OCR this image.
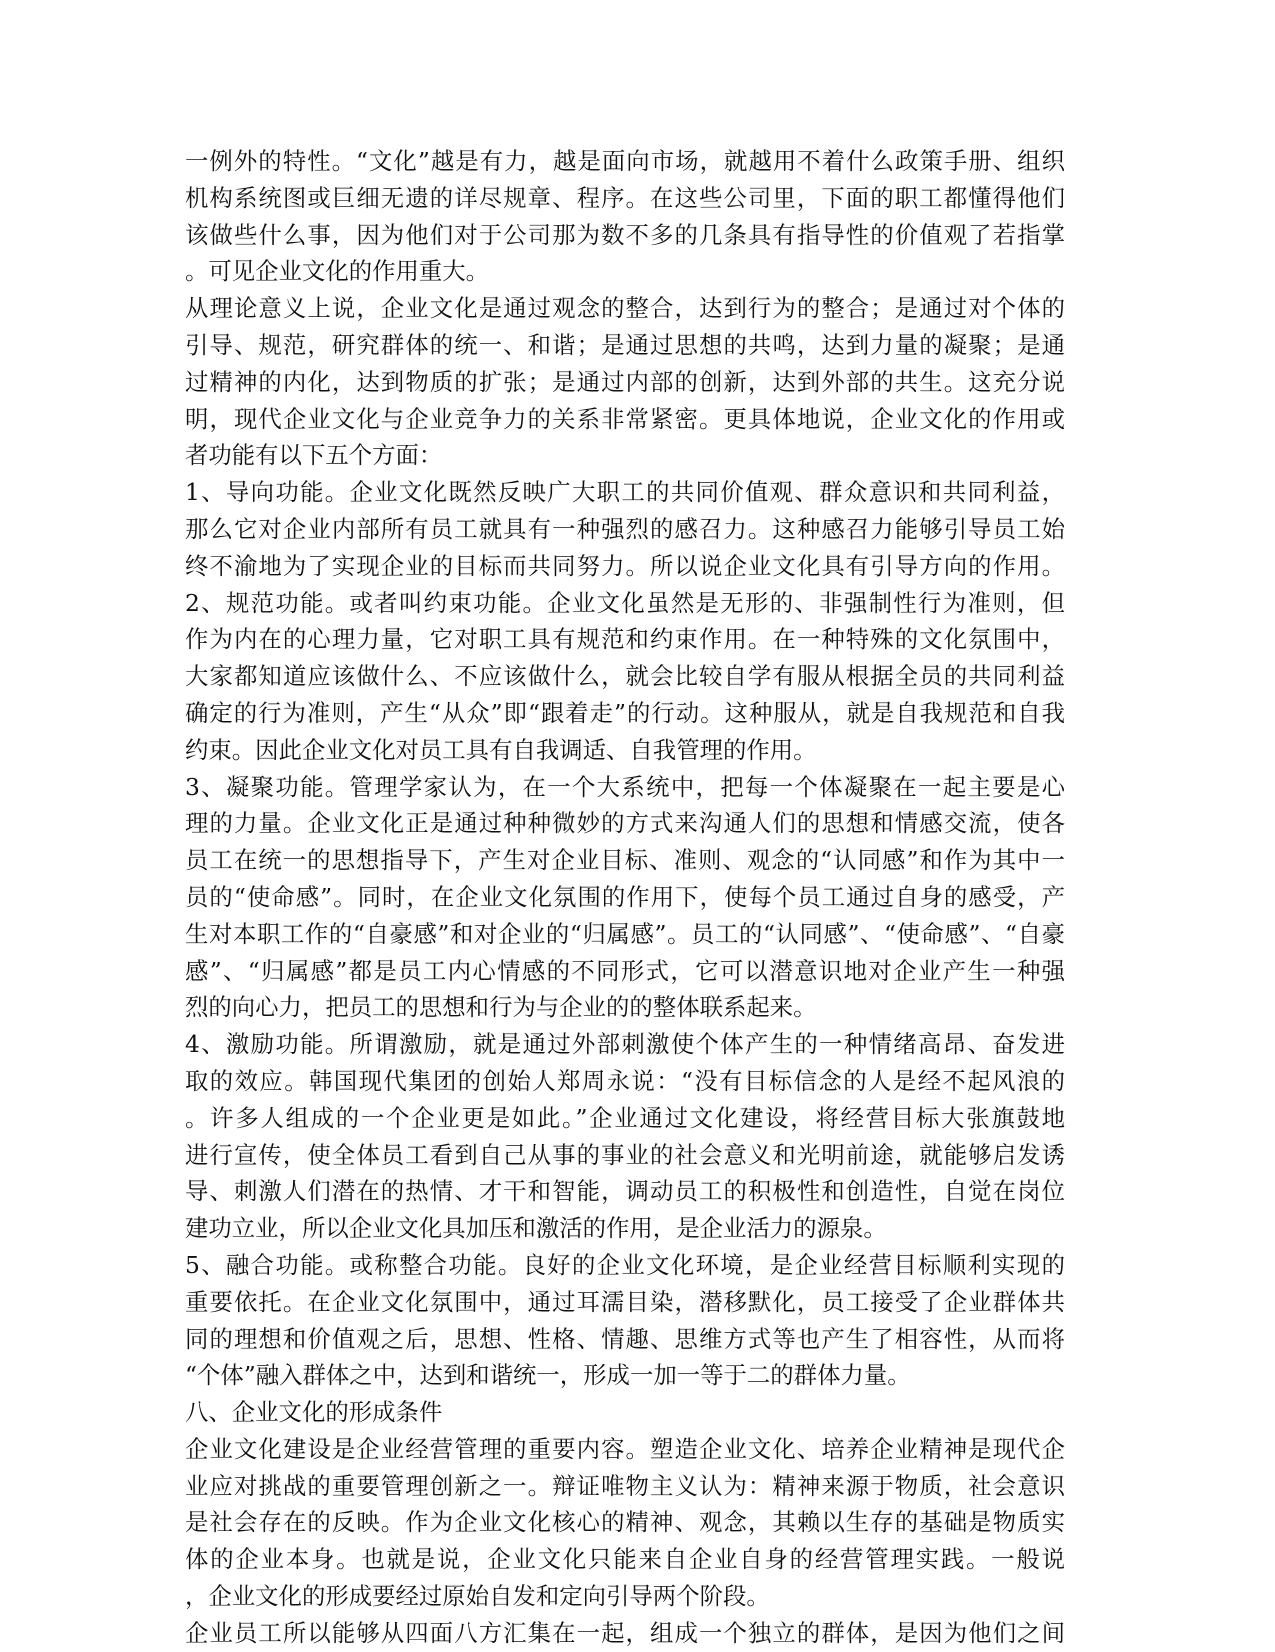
一例外的特性。“文化”越是有力，越是面向市场，就越用不着什么政策手册、组织
机构系统图或巨细无遗的详尽规章、程序。在这些公司里，下面的职工都懂得他们
该做些什么事，因为他们对于公司那为数不多的几条具有指导性的价值观了若指掌
。可见企业文化的作用重大。
从理论意义上说，企业文化是通过观念的整合，达到行为的整合；是通过对个体的
引导、规范，研究群体的统一、和谐；是通过思想的共鸣，达到力量的凝聚；是通
过精神的内化，达到物质的扩张；是通过内部的创新，达到外部的共生。这充分说
明，现代企业文化与企业竞争力的关系非常紧密。更具体地说，企业文化的作用或
者功能有以下五个方面：
1、导向功能。企业文化既然反映广大职工的共同价值观、群众意识和共同利益，
那么它对企业内部所有员工就具有一种强烈的感召力。这种感召力能够引导员工始
终不渝地为了实现企业的目标而共同努力。所以说企业文化具有引导方向的作用。
2、规范功能。或者叫约束功能。企业文化虽然是无形的、非强制性行为准则，但
作为内在的心理力量，它对职工具有规范和约束作用。在一种特殊的文化氛围中，
大家都知道应该做什么、不应该做什么，就会比较自学有服从根据全员的共同利益
确定的行为准则，产生“从众”即“跟着走”的行动。这种服从，就是自我规范和自我
约束。因此企业文化对员工具有自我调适、自我管理的作用。
3、凝聚功能。管理学家认为，在一个大系统中，把每一个体凝聚在一起主要是心
理的力量。企业文化正是通过种种微妙的方式来沟通人们的思想和情感交流，使各
员工在统一的思想指导下，产生对企业目标、准则、观念的“认同感”和作为其中一
员的“使命感”。同时，在企业文化氛围的作用下，使每个员工通过自身的感受，产
生对本职工作的“自豪感”和对企业的“归属感”。员工的“认同感”、“使命感”、“自豪
感”、“归属感”都是员工内心情感的不同形式，它可以潜意识地对企业产生一种强
烈的向心力，把员工的思想和行为与企业的的整体联系起来。
4、激励功能。所谓激励，就是通过外部刺激使个体产生的一种情绪高昂、奋发进
取的效应。韩国现代集团的创始人郑周永说：“没有目标信念的人是经不起风浪的
。许多人组成的一个企业更是如此。”企业通过文化建设，将经营目标大张旗鼓地
进行宣传，使全体员工看到自己从事的事业的社会意义和光明前途，就能够启发诱
导、刺激人们潜在的热情、才干和智能，调动员工的积极性和创造性，自觉在岗位
建功立业，所以企业文化具加压和激活的作用，是企业活力的源泉。
5、融合功能。或称整合功能。良好的企业文化环境，是企业经营目标顺利实现的
重要依托。在企业文化氛围中，通过耳濡目染，潜移默化，员工接受了企业群体共
同的理想和价值观之后，思想、性格、情趣、思维方式等也产生了相容性，从而将
“个体”融入群体之中，达到和谐统一，形成一加一等于二的群体力量。
八、企业文化的形成条件
企业文化建设是企业经营管理的重要内容。塑造企业文化、培养企业精神是现代企
业应对挑战的重要管理创新之一。辩证唯物主义认为：精神来源于物质，社会意识
是社会存在的反映。作为企业文化核心的精神、观念，其赖以生存的基础是物质实
体的企业本身。也就是说，企业文化只能来自企业自身的经营管理实践。一般说
，企业文化的形成要经过原始自发和定向引导两个阶段。
企业员工所以能够从四面八方汇集在一起，组成一个独立的群体，是因为他们之间
